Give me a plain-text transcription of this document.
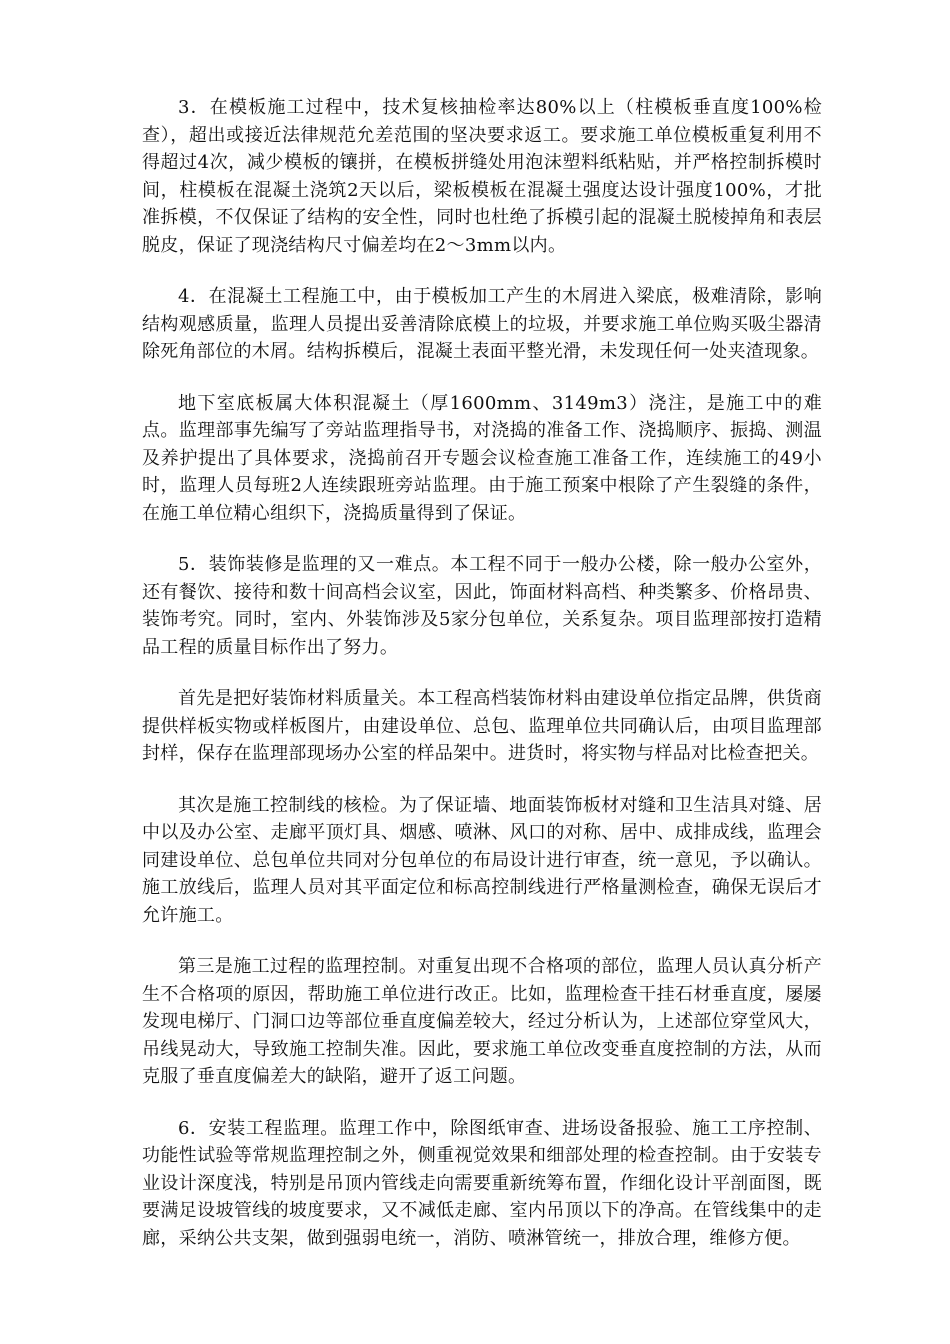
3．在模板施工过程中，技术复核抽检率达80%以上（柱模板垂直度100%检查），超出或接近法律规范允差范围的坚决要求返工。要求施工单位模板重复利用不得超过4次，减少模板的镶拼，在模板拼缝处用泡沫塑料纸粘贴，并严格控制拆模时间，柱模板在混凝土浇筑2天以后，梁板模板在混凝土强度达设计强度100%，才批准拆模，不仅保证了结构的安全性，同时也杜绝了拆模引起的混凝土脱棱掉角和表层脱皮，保证了现浇结构尺寸偏差均在2～3mm以内。

4．在混凝土工程施工中，由于模板加工产生的木屑进入梁底，极难清除，影响结构观感质量，监理人员提出妥善清除底模上的垃圾，并要求施工单位购买吸尘器清除死角部位的木屑。结构拆模后，混凝土表面平整光滑，未发现任何一处夹渣现象。

地下室底板属大体积混凝土（厚1600mm、3149m3）浇注，是施工中的难点。监理部事先编写了旁站监理指导书，对浇捣的准备工作、浇捣顺序、振捣、测温及养护提出了具体要求，浇捣前召开专题会议检查施工准备工作，连续施工的49小时，监理人员每班2人连续跟班旁站监理。由于施工预案中根除了产生裂缝的条件，在施工单位精心组织下，浇捣质量得到了保证。

5．装饰装修是监理的又一难点。本工程不同于一般办公楼，除一般办公室外，还有餐饮、接待和数十间高档会议室，因此，饰面材料高档、种类繁多、价格昂贵、装饰考究。同时，室内、外装饰涉及5家分包单位，关系复杂。项目监理部按打造精品工程的质量目标作出了努力。

首先是把好装饰材料质量关。本工程高档装饰材料由建设单位指定品牌，供货商提供样板实物或样板图片，由建设单位、总包、监理单位共同确认后，由项目监理部封样，保存在监理部现场办公室的样品架中。进货时，将实物与样品对比检查把关。

其次是施工控制线的核检。为了保证墙、地面装饰板材对缝和卫生洁具对缝、居中以及办公室、走廊平顶灯具、烟感、喷淋、风口的对称、居中、成排成线，监理会同建设单位、总包单位共同对分包单位的布局设计进行审查，统一意见，予以确认。施工放线后，监理人员对其平面定位和标高控制线进行严格量测检查，确保无误后才允许施工。

第三是施工过程的监理控制。对重复出现不合格项的部位，监理人员认真分析产生不合格项的原因，帮助施工单位进行改正。比如，监理检查干挂石材垂直度，屡屡发现电梯厅、门洞口边等部位垂直度偏差较大，经过分析认为，上述部位穿堂风大，吊线晃动大，导致施工控制失准。因此，要求施工单位改变垂直度控制的方法，从而克服了垂直度偏差大的缺陷，避开了返工问题。

6．安装工程监理。监理工作中，除图纸审查、进场设备报验、施工工序控制、功能性试验等常规监理控制之外，侧重视觉效果和细部处理的检查控制。由于安装专业设计深度浅，特别是吊顶内管线走向需要重新统筹布置，作细化设计平剖面图，既要满足设坡管线的坡度要求，又不减低走廊、室内吊顶以下的净高。在管线集中的走廊，采纳公共支架，做到强弱电统一，消防、喷淋管统一，排放合理，维修方便。
